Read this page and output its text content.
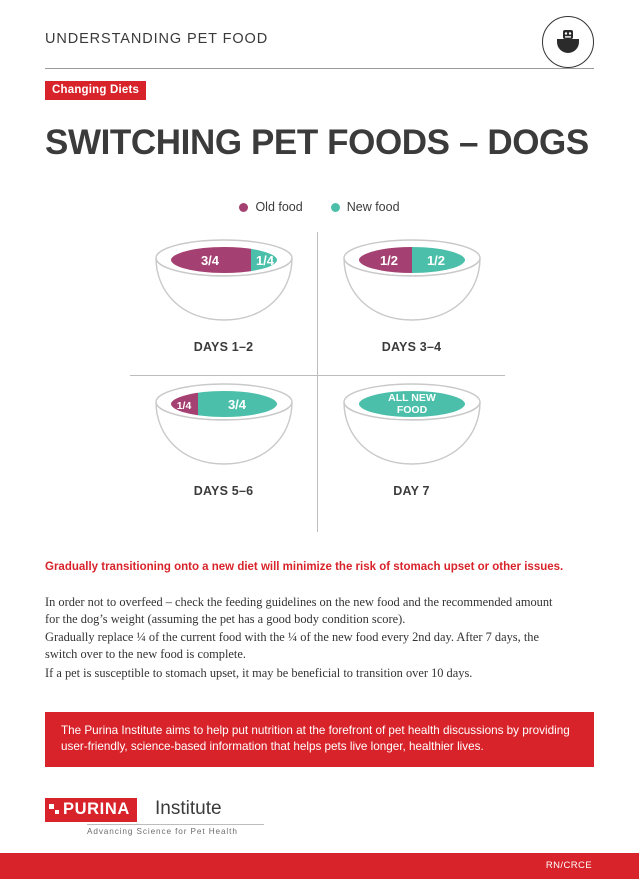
UNDERSTANDING PET FOOD
Changing Diets
SWITCHING PET FOODS – DOGS
Old food	New food
3/4	1/4
DAYS 1–2
1/2 1/2
DAYS 3–4
1/4	3/4
DAYS 5–6
ALL NEW
FOOD
DAY 7
Gradually transitioning onto a new diet will minimize the risk of stomach upset or other issues.
In order not to overfeed – check the feeding guidelines on the new food and the recommended amount for the dog’s weight (assuming the pet has a good body condition score).
Gradually replace ¼ of the current food with the ¼ of the new food every 2nd day. After 7 days, the switch over to the new food is complete.
If a pet is susceptible to stomach upset, it may be beneficial to transition over 10 days.
The Purina Institute aims to help put nutrition at the forefront of pet health discussions by providing user-friendly, science-based information that helps pets live longer, healthier lives.
PURINA	Institute
Advancing Science for Pet Health
RN/CRCE
